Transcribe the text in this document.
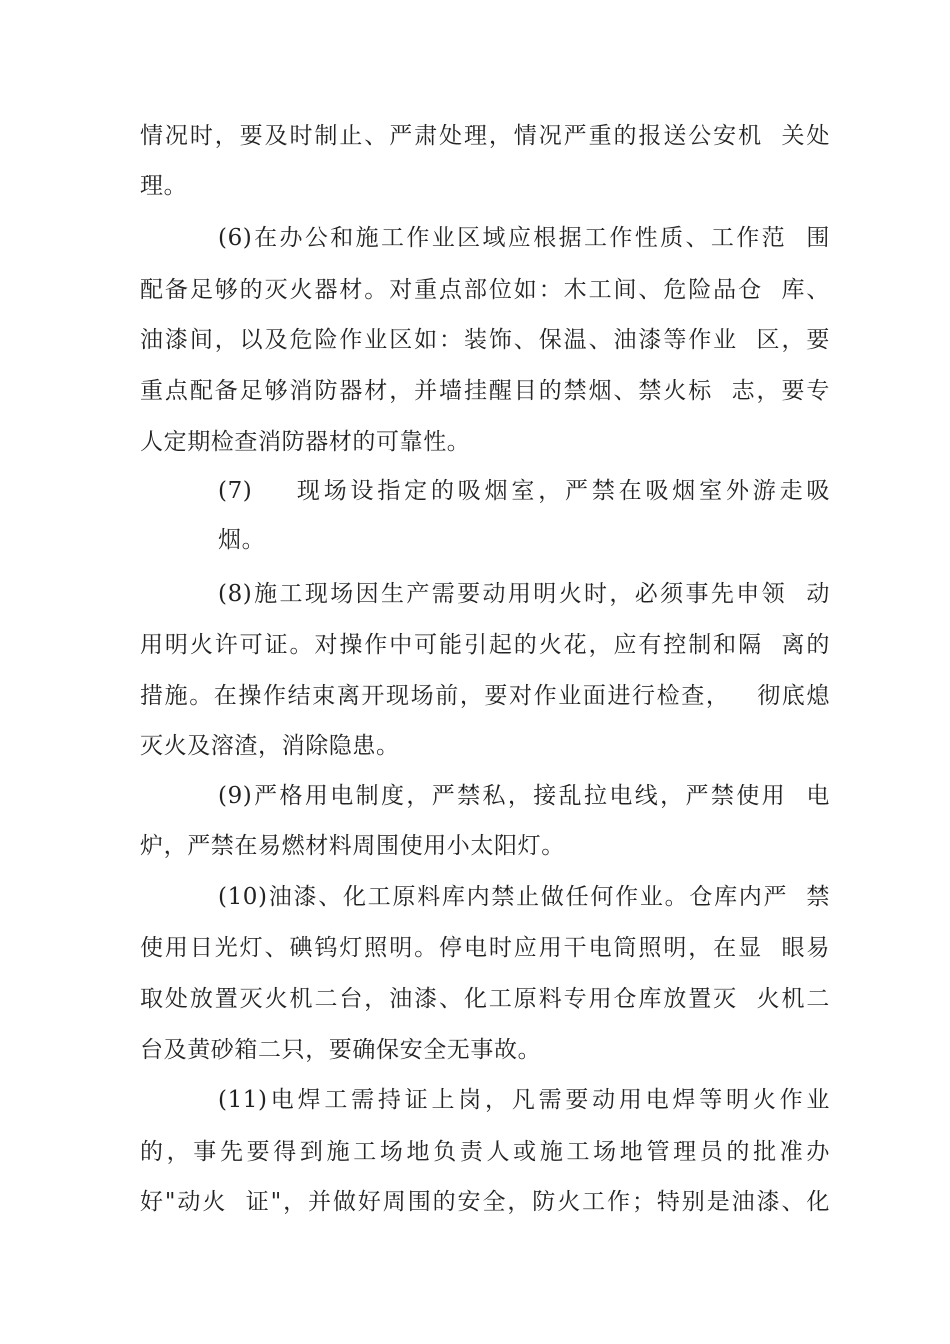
情况时，要及时制止、严肃处理，情况严重的报送公安机  关处
理。
(6)在办公和施工作业区域应根据工作性质、工作范  围
配备足够的灭火器材。对重点部位如：木工间、危险品仓  库、
油漆间，以及危险作业区如：装饰、保温、油漆等作业  区，要
重点配备足够消防器材，并墙挂醒目的禁烟、禁火标  志，要专
人定期检查消防器材的可靠性。
(7)    现场设指定的吸烟室，严禁在吸烟室外游走吸
烟。
(8)施工现场因生产需要动用明火时，必须事先申领  动
用明火许可证。对操作中可能引起的火花，应有控制和隔  离的
措施。在操作结束离开现场前，要对作业面进行检查，   彻底熄
灭火及溶渣，消除隐患。
(9)严格用电制度，严禁私，接乱拉电线，严禁使用  电
炉，严禁在易燃材料周围使用小太阳灯。
(10)油漆、化工原料库内禁止做任何作业。仓库内严  禁
使用日光灯、碘钨灯照明。停电时应用干电筒照明，在显  眼易
取处放置灭火机二台，油漆、化工原料专用仓库放置灭  火机二
台及黄砂箱二只，要确保安全无事故。
(11)电焊工需持证上岗，凡需要动用电焊等明火作业
的，事先要得到施工场地负责人或施工场地管理员的批准办
好"动火  证"，并做好周围的安全，防火工作；特别是油漆、化
